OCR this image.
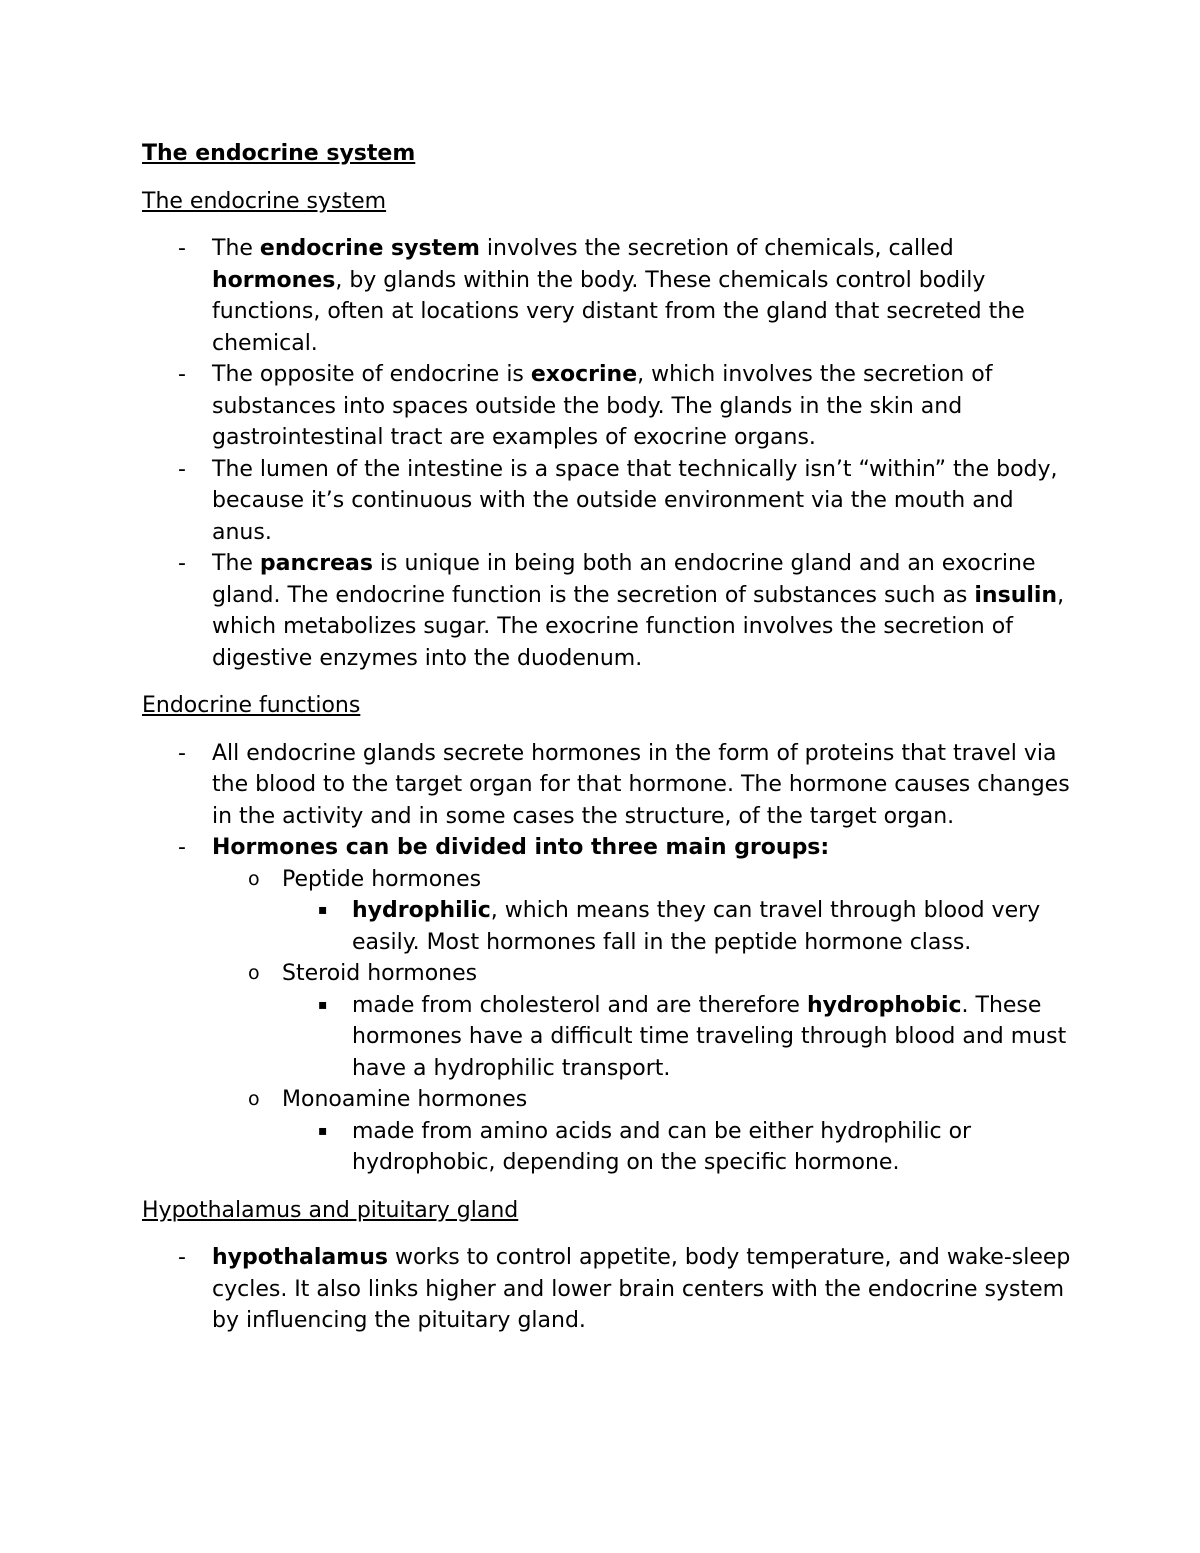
The endocrine system

The endocrine system

- The endocrine system involves the secretion of chemicals, called hormones, by glands within the body. These chemicals control bodily functions, often at locations very distant from the gland that secreted the chemical.
- The opposite of endocrine is exocrine, which involves the secretion of substances into spaces outside the body. The glands in the skin and gastrointestinal tract are examples of exocrine organs.
- The lumen of the intestine is a space that technically isn’t “within” the body, because it’s continuous with the outside environment via the mouth and anus.
- The pancreas is unique in being both an endocrine gland and an exocrine gland. The endocrine function is the secretion of substances such as insulin, which metabolizes sugar. The exocrine function involves the secretion of digestive enzymes into the duodenum.

Endocrine functions

- All endocrine glands secrete hormones in the form of proteins that travel via the blood to the target organ for that hormone. The hormone causes changes in the activity and in some cases the structure, of the target organ.
- Hormones can be divided into three main groups:
o Peptide hormones
▪ hydrophilic, which means they can travel through blood very easily. Most hormones fall in the peptide hormone class.
o Steroid hormones
▪ made from cholesterol and are therefore hydrophobic. These hormones have a difficult time traveling through blood and must have a hydrophilic transport.
o Monoamine hormones
▪ made from amino acids and can be either hydrophilic or hydrophobic, depending on the specific hormone.

Hypothalamus and pituitary gland

- hypothalamus works to control appetite, body temperature, and wake-sleep cycles. It also links higher and lower brain centers with the endocrine system by influencing the pituitary gland.
